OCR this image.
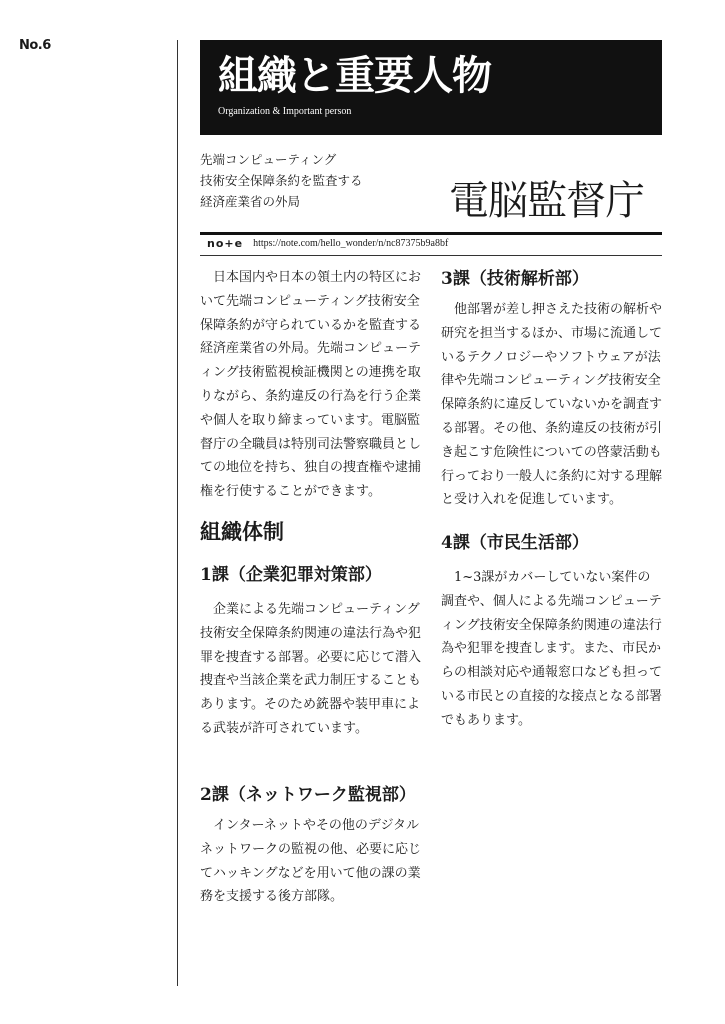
No.6
組織と重要人物
Organization & Important person
先端コンピューティング
技術安全保障条約を監査する
経済産業省の外局	電脳監督庁
no+e https://note.com/hello_wonder/n/nc87375b9a8bf

日本国内や日本の領土内の特区において先端コンピューティング技術安全保障条約が守られているかを監査する経済産業省の外局。先端コンピューティング技術監視検証機関との連携を取りながら、条約違反の行為を行う企業や個人を取り締まっています。電脳監督庁の全職員は特別司法警察職員としての地位を持ち、独自の捜査権や逮捕権を行使することができます。

組織体制
1課（企業犯罪対策部）

企業による先端コンピューティング技術安全保障条約関連の違法行為や犯罪を捜査する部署。必要に応じて潜入捜査や当該企業を武力制圧することもあります。そのため銃器や装甲車による武装が許可されています。

2課（ネットワーク監視部）

インターネットやその他のデジタルネットワークの監視の他、必要に応じてハッキングなどを用いて他の課の業務を支援する後方部隊。

3課（技術解析部）

他部署が差し押さえた技術の解析や研究を担当するほか、市場に流通しているテクノロジーやソフトウェアが法律や先端コンピューティング技術安全保障条約に違反していないかを調査する部署。その他、条約違反の技術が引き起こす危険性についての啓蒙活動も行っており一般人に条約に対する理解と受け入れを促進しています。

4課（市民生活部）

1~3課がカバーしていない案件の調査や、個人による先端コンピューティング技術安全保障条約関連の違法行為や犯罪を捜査します。また、市民からの相談対応や通報窓口なども担っている市民との直接的な接点となる部署でもあります。
